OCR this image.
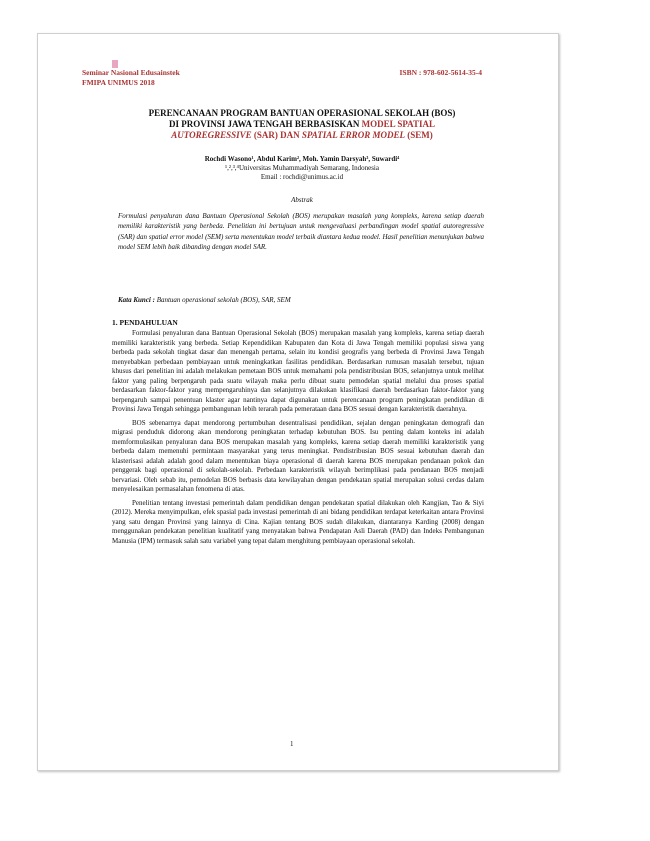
Seminar Nasional Edusainstek
FMIPA UNIMUS 2018
ISBN : 978-602-5614-35-4
PERENCANAAN PROGRAM BANTUAN OPERASIONAL SEKOLAH (BOS)
DI PROVINSI JAWA TENGAH BERBASISKAN MODEL SPATIAL
AUTOREGRESSIVE (SAR) DAN SPATIAL ERROR MODEL (SEM)
Rochdi Wasono¹, Abdul Karim², Moh. Yamin Darsyah³, Suwardi⁴
¹,²,³,⁴Universitas Muhammadiyah Semarang, Indonesia
Email : rochdi@unimus.ac.id
Abstrak
Formulasi penyaluran dana Bantuan Operasional Sekolah (BOS) merupakan masalah yang kompleks, karena setiap daerah memiliki karakteristik yang berbeda. Penelitian ini bertujuan untuk mengevaluasi perbandingan model spatial autoregressive (SAR) dan spatial error model (SEM) serta menentukan model terbaik diantara kedua model. Hasil penelitian menunjukan bahwa model SEM lebih baik dibanding dengan model SAR.
Kata Kunci : Bantuan operasional sekolah (BOS), SAR, SEM
1. PENDAHULUAN

Formulasi penyaluran dana Bantuan Operasional Sekolah (BOS) merupakan masalah yang kompleks, karena setiap daerah memiliki karakteristik yang berbeda. Setiap Kependidikan Kabupaten dan Kota di Jawa Tengah memiliki populasi siswa yang berbeda pada sekolah tingkat dasar dan menengah pertama, selain itu kondisi geografis yang berbeda di Provinsi Jawa Tengah menyebabkan perbedaan pembiayaan untuk meningkatkan fasilitas pendidikan. Berdasarkan rumusan masalah tersebut, tujuan khusus dari penelitian ini adalah melakukan pemetaan BOS untuk memahami pola pendistribusian BOS, selanjutnya untuk melihat faktor yang paling berpengaruh pada suatu wilayah maka perlu dibuat suatu pemodelan spatial melalui dua proses spatial berdasarkan faktor-faktor yang mempengaruhinya dan selanjutnya dilakukan klasifikasi daerah berdasarkan faktor-faktor yang berpengaruh sampai penentuan klaster agar nantinya dapat digunakan untuk perencanaan program peningkatan pendidikan di Provinsi Jawa Tengah sehingga pembangunan lebih terarah pada pemerataan dana BOS sesuai dengan karakteristik daerahnya.

BOS sebenarnya dapat mendorong pertumbuhan desentralisasi pendidikan, sejalan dengan peningkatan demografi dan migrasi penduduk didorong akan mendorong peningkatan terhadap kebutuhan BOS. Isu penting dalam konteks ini adalah memformulasikan penyaluran dana BOS merupakan masalah yang kompleks, karena setiap daerah memiliki karakteristik yang berbeda dalam memenuhi permintaan masyarakat yang terus meningkat. Pendistribusian BOS sesuai kebutuhan daerah dan klasterisasi adalah adalah good dalam menentukan biaya operasional di daerah karena BOS merupakan pendanaan pokok dan penggerak bagi operasional di sekolah-sekolah. Perbedaan karakteristik wilayah berimplikasi pada pendanaan BOS menjadi bervariasi. Oleh sebab itu, pemodelan BOS berbasis data kewilayahan dengan pendekatan spatial merupakan solusi cerdas dalam menyelesaikan permasalahan fenomena di atas.

Penelitian tentang investasi pemerintah dalam pendidikan dengan pendekatan spatial dilakukan oleh Kangjian, Tao & Siyi (2012). Mereka menyimpulkan, efek spasial pada investasi pemerintah di ani bidang pendidikan terdapat keterkaitan antara Provinsi yang satu dengan Provinsi yang lainnya di Cina. Kajian tentang BOS sudah dilakukan, diantaranya Karding (2008) dengan menggunakan pendekatan penelitian kualitatif yang menyatakan bahwa Pendapatan Asli Daerah (PAD) dan Indeks Pembangunan Manusia (IPM) termasuk salah satu variabel yang tepat dalam menghitung pembiayaan operasional sekolah.

1
